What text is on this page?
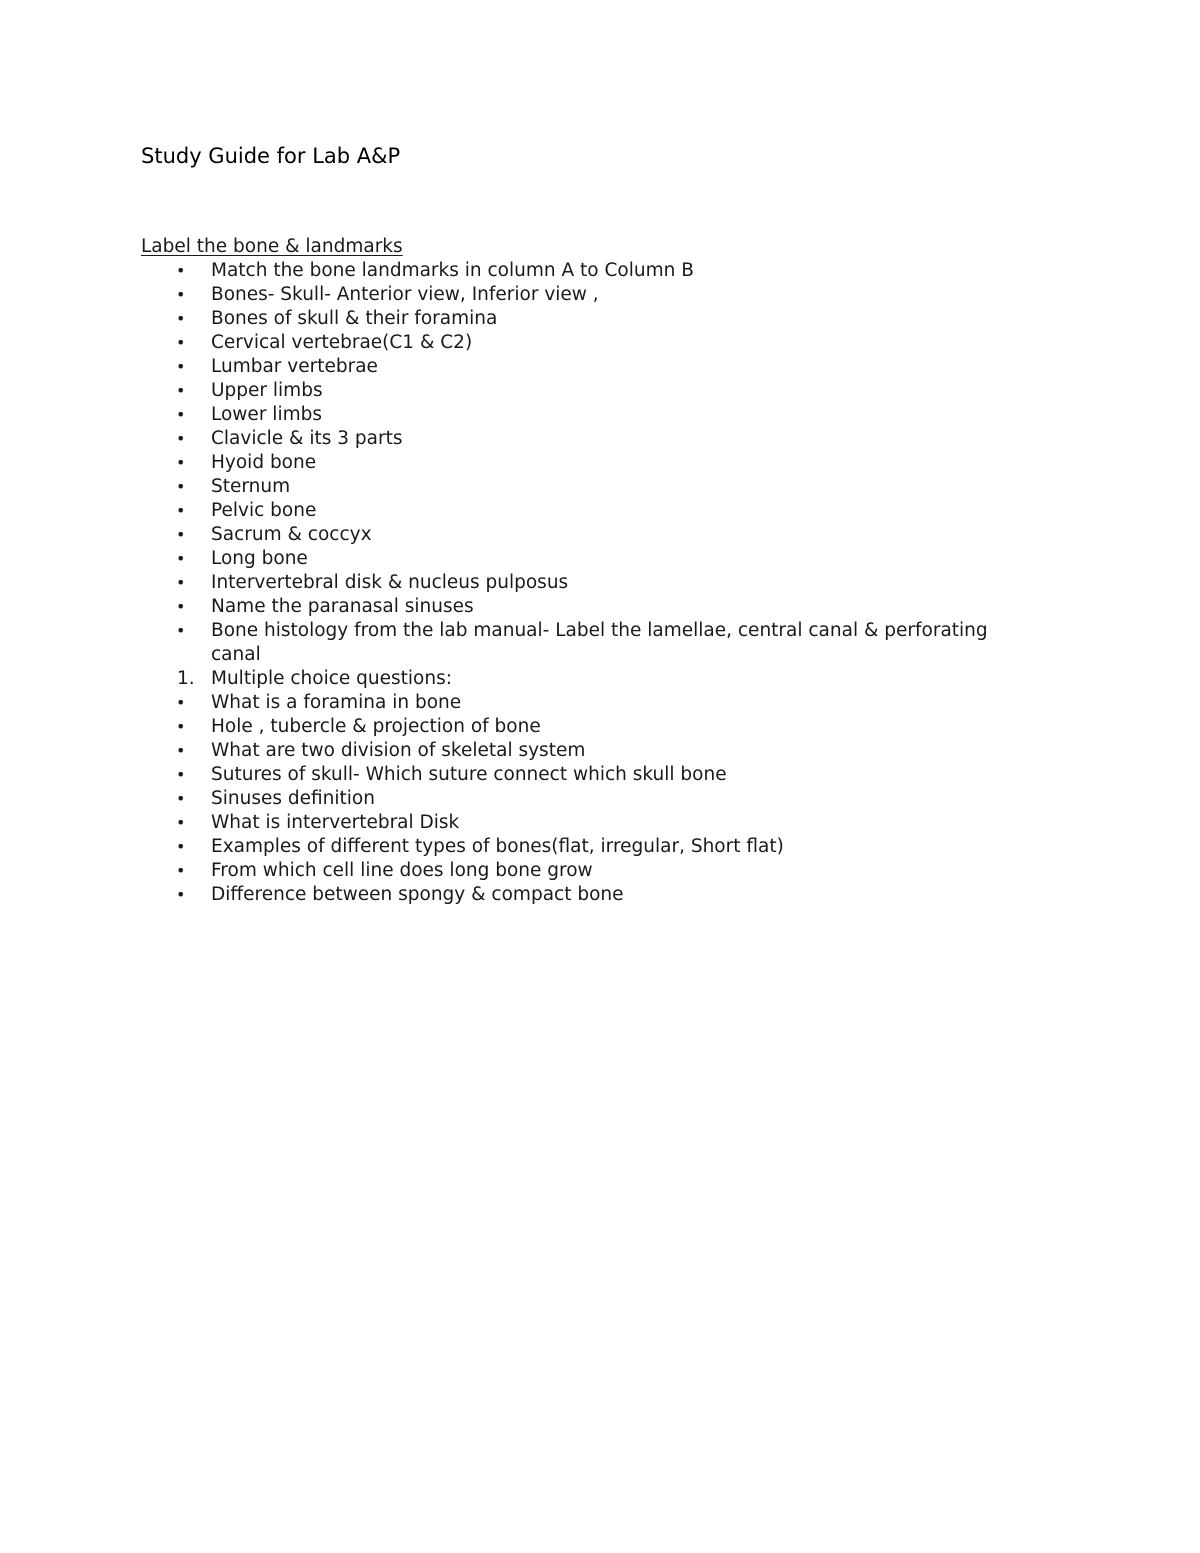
Study Guide for Lab A&P
Label the bone & landmarks
•	Match the bone landmarks in column A to Column B
•	Bones- Skull- Anterior view, Inferior view ,
•	Bones of skull & their foramina
•	Cervical vertebrae(C1 & C2)
•	Lumbar vertebrae
•	Upper limbs
•	Lower limbs
•	Clavicle & its 3 parts
•	Hyoid bone
•	Sternum
•	Pelvic bone
•	Sacrum & coccyx
•	Long bone
•	Intervertebral disk & nucleus pulposus
•	Name the paranasal sinuses
•	Bone histology from the lab manual- Label the lamellae, central canal & perforating canal
1. Multiple choice questions:
•	What is a foramina in bone
•	Hole , tubercle & projection of bone
•	What are two division of skeletal system
•	Sutures of skull- Which suture connect which skull bone
•	Sinuses definition
•	What is intervertebral Disk
•	Examples of different types of bones(flat, irregular, Short flat)
•	From which cell line does long bone grow
•	Difference between spongy & compact bone
